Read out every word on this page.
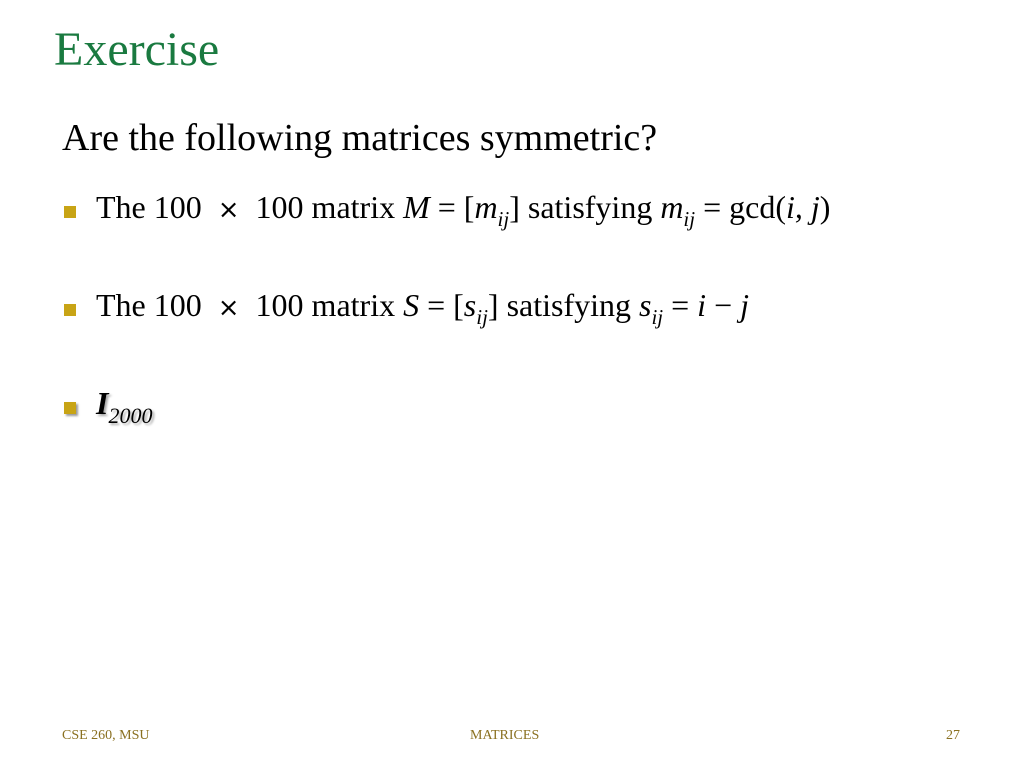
Exercise
Are the following matrices symmetric?
The 100 × 100 matrix $M = [m_{ij}]$ satisfying $m_{ij} = \gcd(i$, j)
The 100 × 100 matrix $S = [s_{ij}]$ satisfying $s_{ij} = i - j$
$I_{2000}$
CSE 260, MSU	MATRICES	27
